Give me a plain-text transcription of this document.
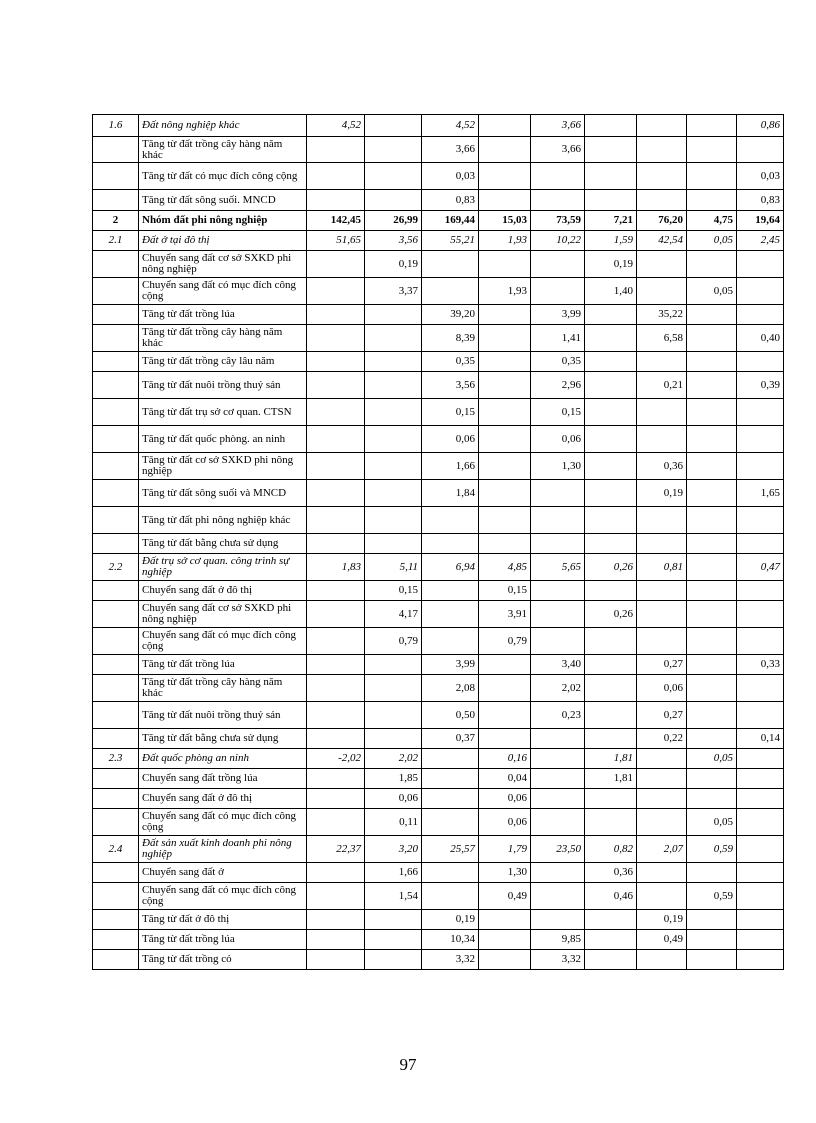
1.6	Đất nông nghiệp khác	4,52		4,52		3,66				0,86
	Tăng từ đất trồng cây hàng năm khác			3,66		3,66				
	Tăng từ đất có mục đích công cộng			0,03						0,03
	Tăng từ đất sông suối. MNCD			0,83						0,83
2	Nhóm đất phi nông nghiệp	142,45	26,99	169,44	15,03	73,59	7,21	76,20	4,75	19,64
2.1	Đất ở tại đô thị	51,65	3,56	55,21	1,93	10,22	1,59	42,54	0,05	2,45
	Chuyển sang đất cơ sở SXKD phi nông nghiệp		0,19				0,19			
	Chuyển sang đất có mục đích công cộng		3,37		1,93		1,40		0,05	
	Tăng từ đất trồng lúa			39,20		3,99		35,22		
	Tăng từ đất trồng cây hàng năm khác			8,39		1,41		6,58		0,40
	Tăng từ đất trồng cây lâu năm			0,35		0,35				
	Tăng từ đất nuôi trồng thuỷ sản			3,56		2,96		0,21		0,39
	Tăng từ đất trụ sở cơ quan. CTSN			0,15		0,15				
	Tăng từ đất quốc phòng. an ninh			0,06		0,06				
	Tăng từ đất cơ sở SXKD phi nông nghiệp			1,66		1,30		0,36		
	Tăng từ đất sông suối và MNCD			1,84				0,19		1,65
	Tăng từ đất phi nông nghiệp khác									
	Tăng từ đất bằng chưa sử dụng									
2.2	Đất trụ sở cơ quan. công trình sự nghiệp	1,83	5,11	6,94	4,85	5,65	0,26	0,81		0,47
	Chuyển sang đất ở đô thị		0,15		0,15					
	Chuyển sang đất cơ sở SXKD phi nông nghiệp		4,17		3,91		0,26			
	Chuyển sang đất có mục đích công cộng		0,79		0,79					
	Tăng từ đất trồng lúa			3,99		3,40		0,27		0,33
	Tăng từ đất trồng cây hàng năm khác			2,08		2,02		0,06		
	Tăng từ đất nuôi trồng thuỷ sản			0,50		0,23		0,27		
	Tăng từ đất bằng chưa sử dụng			0,37				0,22		0,14
2.3	Đất quốc phòng an ninh	-2,02	2,02		0,16		1,81		0,05	
	Chuyển sang đất trồng lúa		1,85		0,04		1,81			
	Chuyển sang đất ở đô thị		0,06		0,06					
	Chuyển sang đất có mục đích công cộng		0,11		0,06				0,05	
2.4	Đất sản xuất kinh doanh phi nông nghiệp	22,37	3,20	25,57	1,79	23,50	0,82	2,07	0,59	
	Chuyển sang đất ở		1,66		1,30		0,36			
	Chuyển sang đất có mục đích công cộng		1,54		0,49		0,46		0,59	
	Tăng từ đất ở đô thị			0,19				0,19		
	Tăng từ đất trồng lúa			10,34		9,85		0,49		
	Tăng từ đất trồng cỏ			3,32		3,32				
97
